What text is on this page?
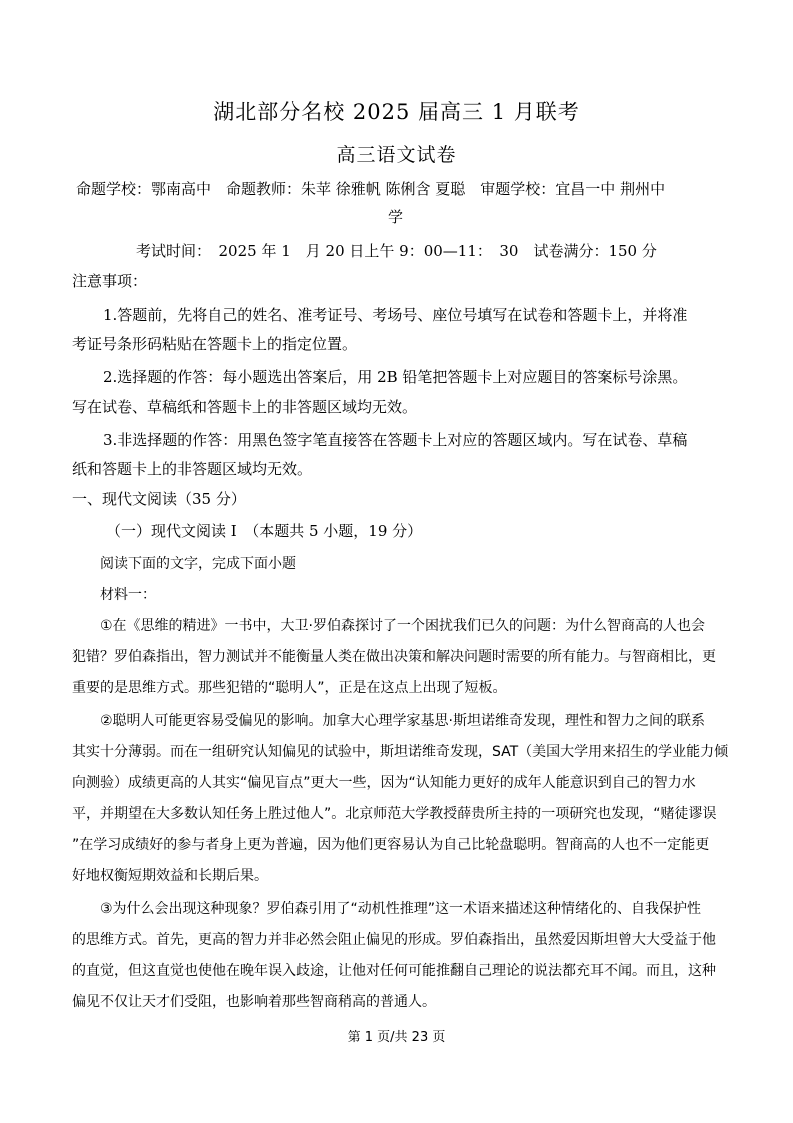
湖北部分名校 2025 届高三 1 月联考
高三语文试卷
命题学校：鄂南高中　命题教师：朱苹 徐雅帆 陈俐含 夏聪　审题学校：宜昌一中 荆州中
学
考试时间：　2025 年 1　月 20 日上午 9：00—11：　30　试卷满分：150 分
注意事项：
1.答题前，先将自己的姓名、准考证号、考场号、座位号填写在试卷和答题卡上，并将准
考证号条形码粘贴在答题卡上的指定位置。
2.选择题的作答：每小题选出答案后，用 2B 铅笔把答题卡上对应题目的答案标号涂黑。
写在试卷、草稿纸和答题卡上的非答题区域均无效。
3.非选择题的作答：用黑色签字笔直接答在答题卡上对应的答题区域内。写在试卷、草稿
纸和答题卡上的非答题区域均无效。
一、现代文阅读（35 分）
（一）现代文阅读 I　（本题共 5 小题，19 分）
阅读下面的文字，完成下面小题
材料一：
①在《思维的精进》一书中，大卫·罗伯森探讨了一个困扰我们已久的问题：为什么智商高的人也会
犯错？罗伯森指出，智力测试并不能衡量人类在做出决策和解决问题时需要的所有能力。与智商相比，更
重要的是思维方式。那些犯错的“聪明人”，正是在这点上出现了短板。
②聪明人可能更容易受偏见的影响。加拿大心理学家基思·斯坦诺维奇发现，理性和智力之间的联系
其实十分薄弱。而在一组研究认知偏见的试验中，斯坦诺维奇发现，SAT（美国大学用来招生的学业能力倾
向测验）成绩更高的人其实“偏见盲点”更大一些，因为“认知能力更好的成年人能意识到自己的智力水
平，并期望在大多数认知任务上胜过他人”。北京师范大学教授薛贵所主持的一项研究也发现，“赌徒谬误
”在学习成绩好的参与者身上更为普遍，因为他们更容易认为自己比轮盘聪明。智商高的人也不一定能更
好地权衡短期效益和长期后果。
③为什么会出现这种现象？罗伯森引用了“动机性推理”这一术语来描述这种情绪化的、自我保护性
的思维方式。首先，更高的智力并非必然会阻止偏见的形成。罗伯森指出，虽然爱因斯坦曾大大受益于他
的直觉，但这直觉也使他在晚年误入歧途，让他对任何可能推翻自己理论的说法都充耳不闻。而且，这种
偏见不仅让天才们受阻，也影响着那些智商稍高的普通人。
第 1 页/共 23 页
